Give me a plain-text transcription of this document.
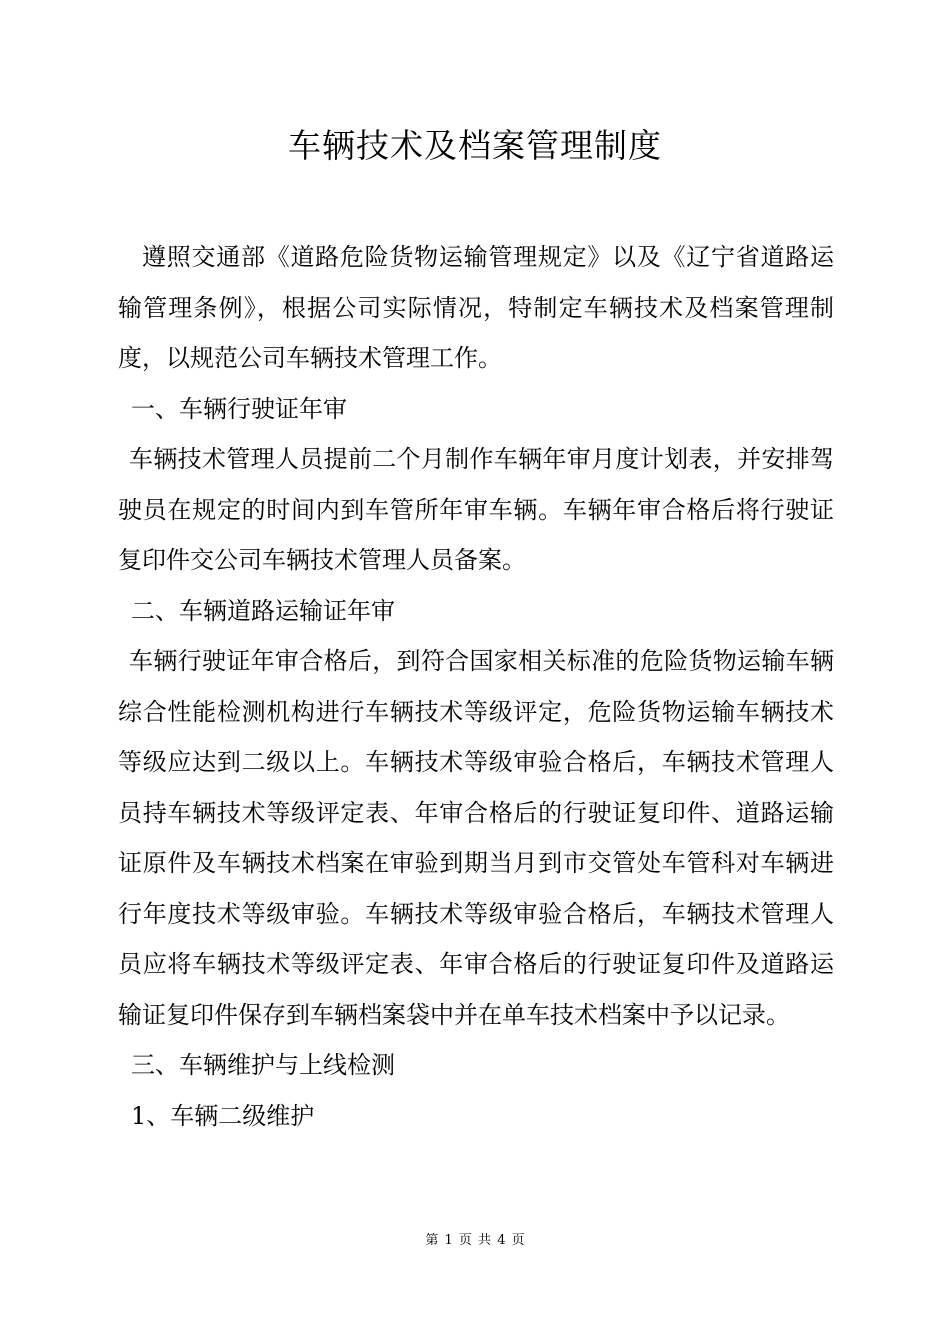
车辆技术及档案管理制度

遵照交通部《道路危险货物运输管理规定》以及《辽宁省道路运输管理条例》，根据公司实际情况，特制定车辆技术及档案管理制度，以规范公司车辆技术管理工作。

一、车辆行驶证年审

车辆技术管理人员提前二个月制作车辆年审月度计划表，并安排驾驶员在规定的时间内到车管所年审车辆。车辆年审合格后将行驶证复印件交公司车辆技术管理人员备案。

二、车辆道路运输证年审

车辆行驶证年审合格后，到符合国家相关标准的危险货物运输车辆综合性能检测机构进行车辆技术等级评定，危险货物运输车辆技术等级应达到二级以上。车辆技术等级审验合格后，车辆技术管理人员持车辆技术等级评定表、年审合格后的行驶证复印件、道路运输证原件及车辆技术档案在审验到期当月到市交管处车管科对车辆进行年度技术等级审验。车辆技术等级审验合格后，车辆技术管理人员应将车辆技术等级评定表、年审合格后的行驶证复印件及道路运输证复印件保存到车辆档案袋中并在单车技术档案中予以记录。

三、车辆维护与上线检测

1、车辆二级维护

第 1 页 共 4 页
